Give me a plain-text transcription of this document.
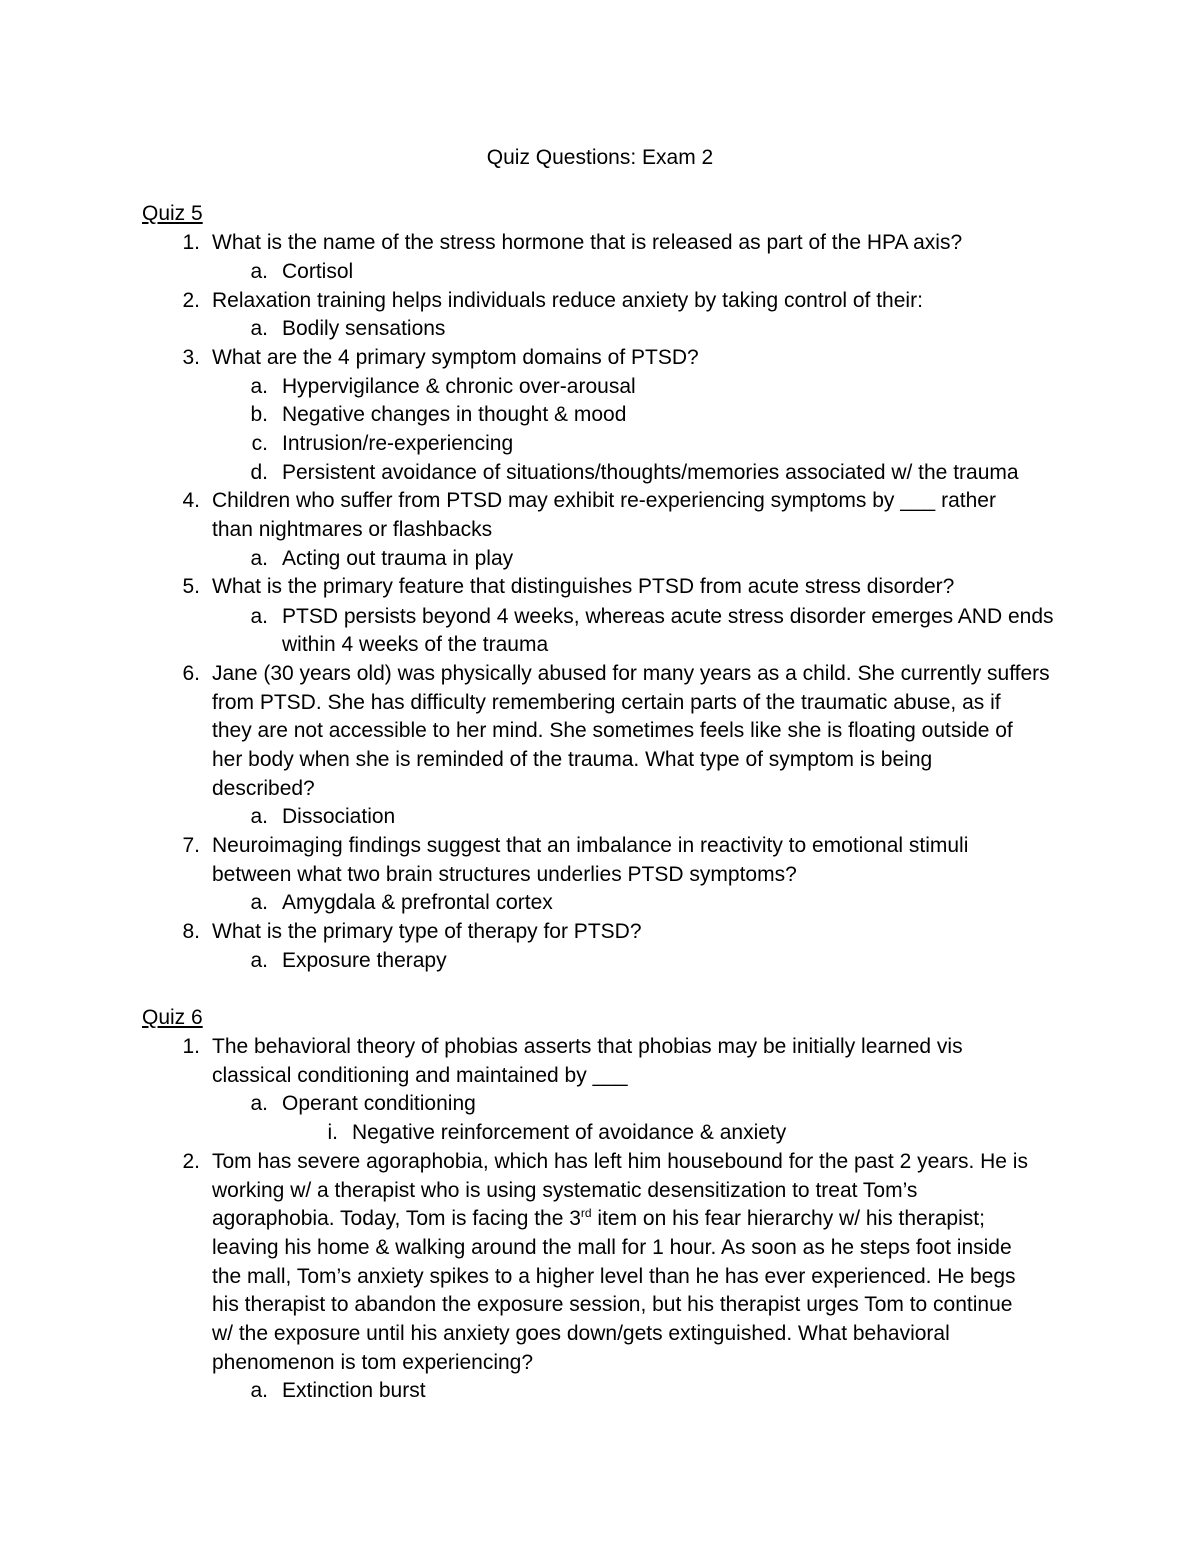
Quiz Questions: Exam 2
Quiz 5
1. What is the name of the stress hormone that is released as part of the HPA axis?
a. Cortisol
2. Relaxation training helps individuals reduce anxiety by taking control of their:
a. Bodily sensations
3. What are the 4 primary symptom domains of PTSD?
a. Hypervigilance & chronic over-arousal
b. Negative changes in thought & mood
c. Intrusion/re-experiencing
d. Persistent avoidance of situations/thoughts/memories associated w/ the trauma
4. Children who suffer from PTSD may exhibit re-experiencing symptoms by ___ rather
than nightmares or flashbacks
a. Acting out trauma in play
5. What is the primary feature that distinguishes PTSD from acute stress disorder?
a. PTSD persists beyond 4 weeks, whereas acute stress disorder emerges AND ends
within 4 weeks of the trauma
6. Jane (30 years old) was physically abused for many years as a child. She currently suffers
from PTSD. She has difficulty remembering certain parts of the traumatic abuse, as if
they are not accessible to her mind. She sometimes feels like she is floating outside of
her body when she is reminded of the trauma. What type of symptom is being
described?
a. Dissociation
7. Neuroimaging findings suggest that an imbalance in reactivity to emotional stimuli
between what two brain structures underlies PTSD symptoms?
a. Amygdala & prefrontal cortex
8. What is the primary type of therapy for PTSD?
a. Exposure therapy
Quiz 6
1. The behavioral theory of phobias asserts that phobias may be initially learned vis
classical conditioning and maintained by ___
a. Operant conditioning
i. Negative reinforcement of avoidance & anxiety
2. Tom has severe agoraphobia, which has left him housebound for the past 2 years. He is
working w/ a therapist who is using systematic desensitization to treat Tom’s
agoraphobia. Today, Tom is facing the 3rd item on his fear hierarchy w/ his therapist;
leaving his home & walking around the mall for 1 hour. As soon as he steps foot inside
the mall, Tom’s anxiety spikes to a higher level than he has ever experienced. He begs
his therapist to abandon the exposure session, but his therapist urges Tom to continue
w/ the exposure until his anxiety goes down/gets extinguished. What behavioral
phenomenon is tom experiencing?
a. Extinction burst
